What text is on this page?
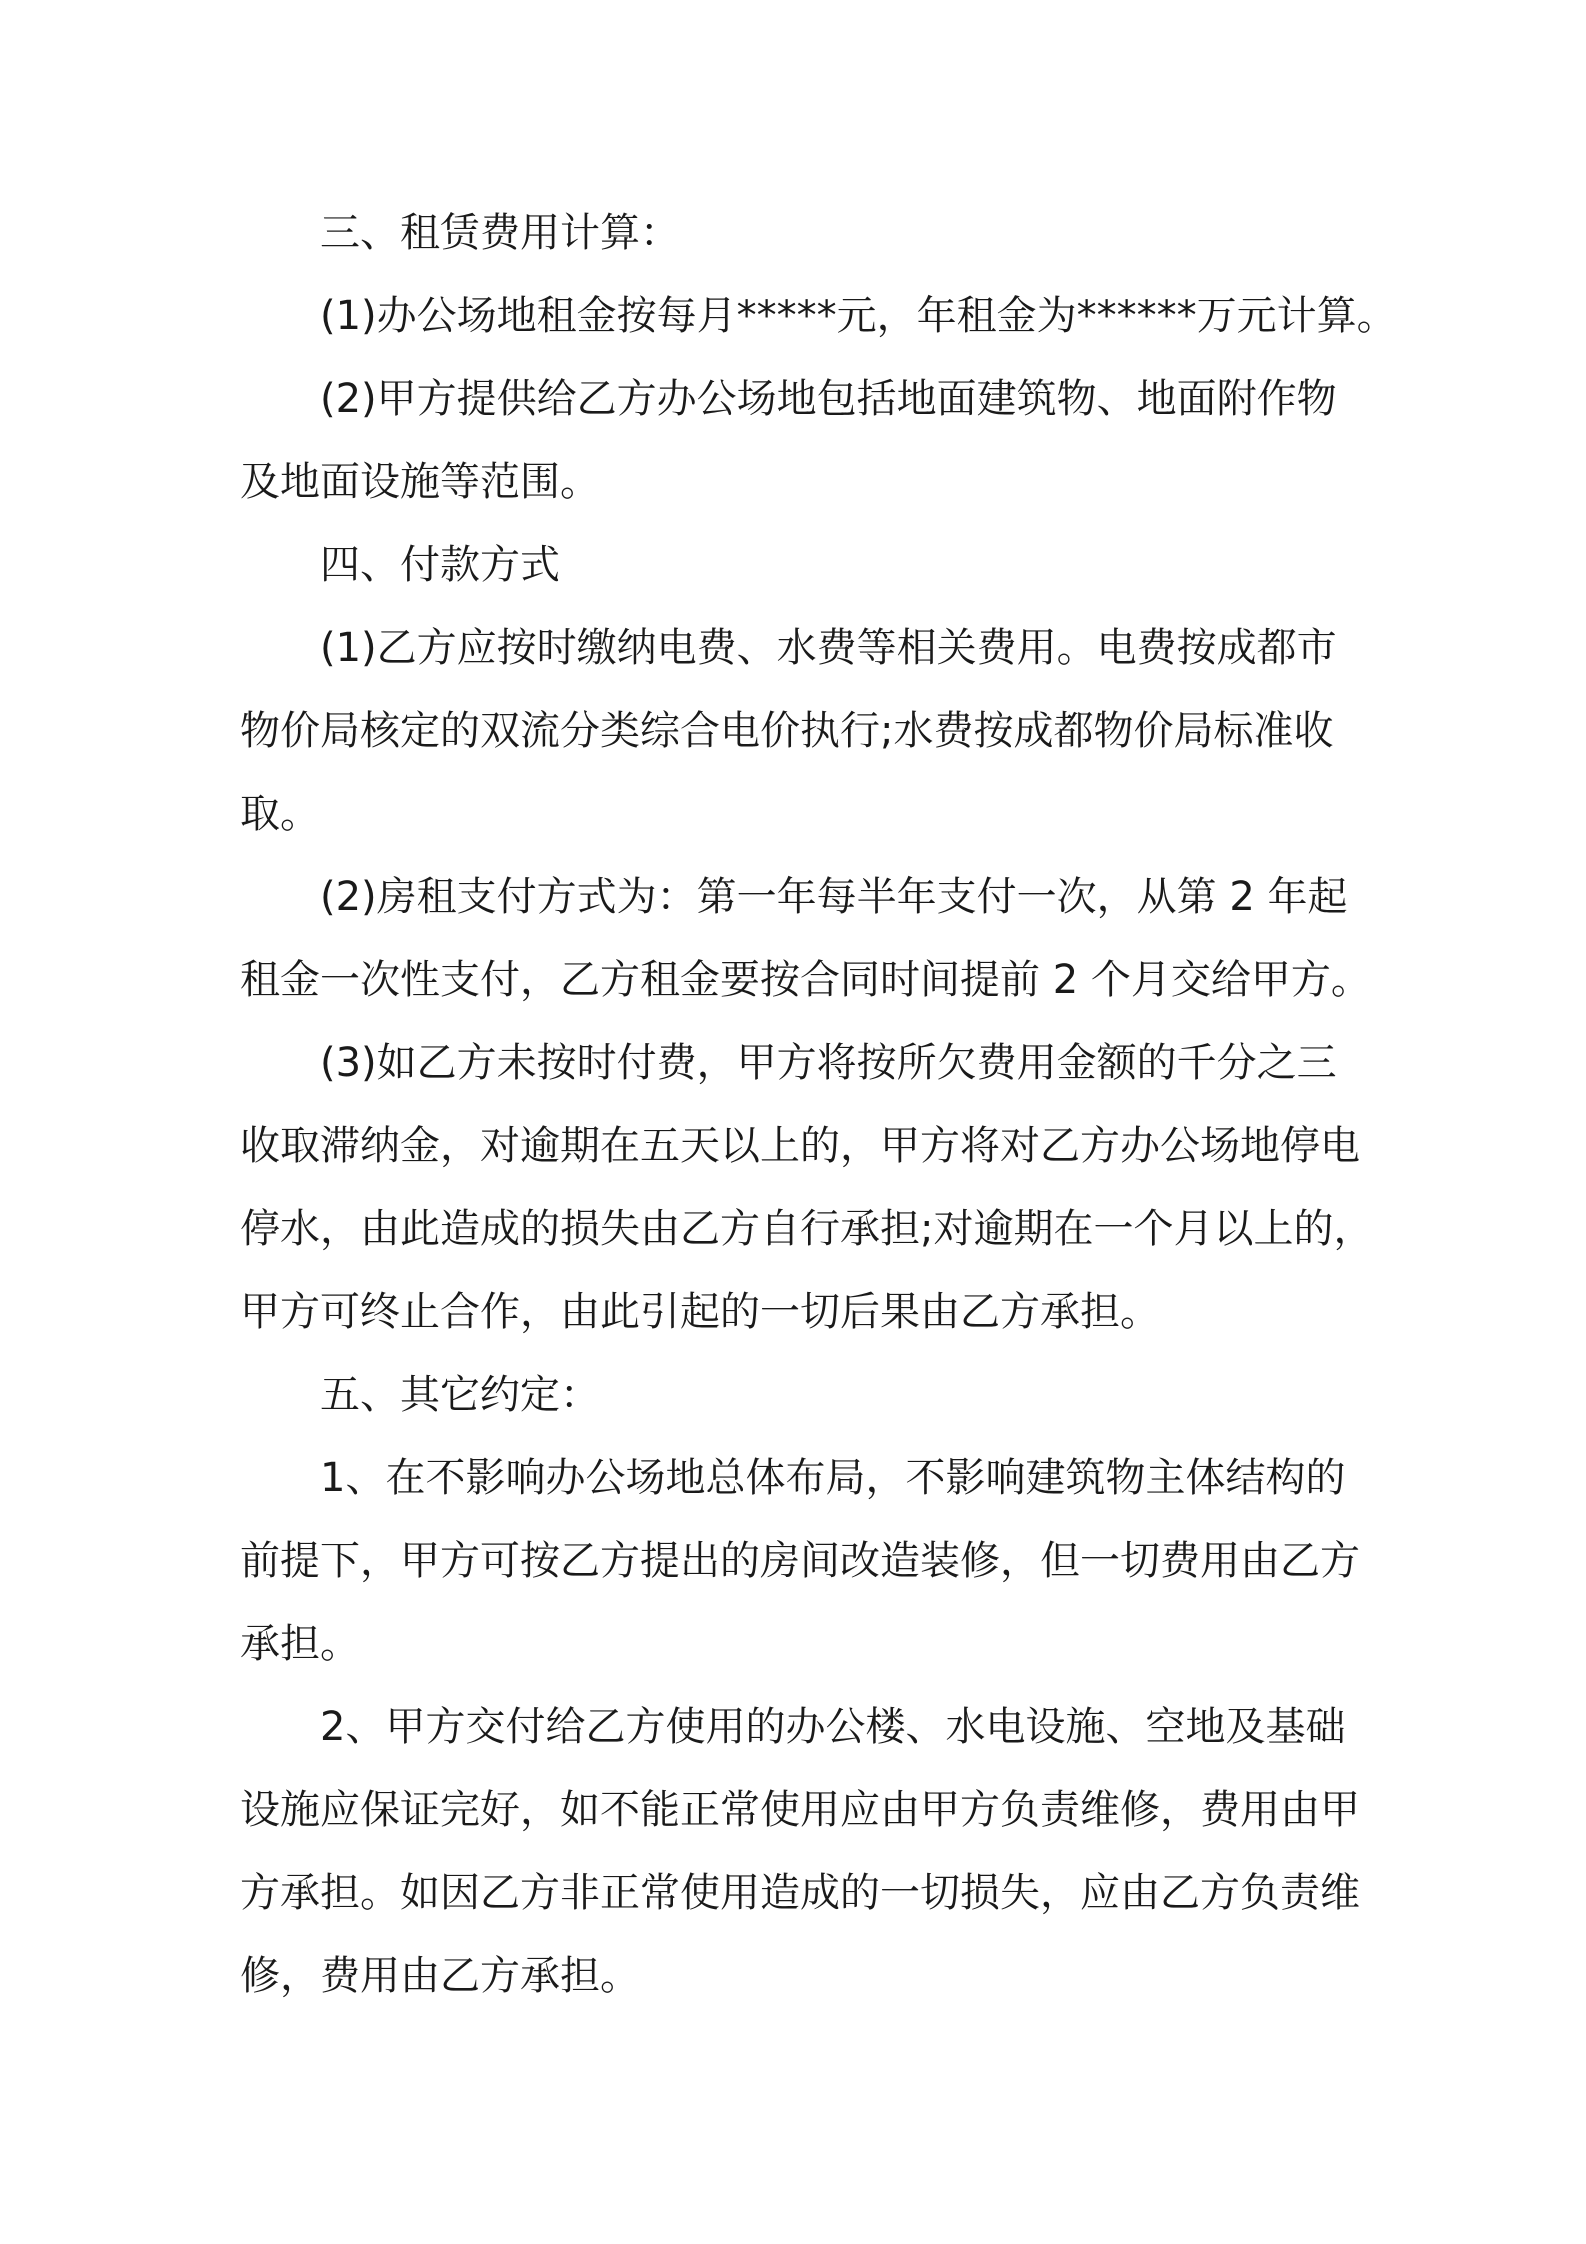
三、租赁费用计算：
(1)办公场地租金按每月*****元，年租金为******万元计算。
(2)甲方提供给乙方办公场地包括地面建筑物、地面附作物
及地面设施等范围。
四、付款方式
(1)乙方应按时缴纳电费、水费等相关费用。电费按成都市
物价局核定的双流分类综合电价执行;水费按成都物价局标准收
取。
(2)房租支付方式为：第一年每半年支付一次，从第 2 年起
租金一次性支付，乙方租金要按合同时间提前 2 个月交给甲方。
(3)如乙方未按时付费，甲方将按所欠费用金额的千分之三
收取滞纳金，对逾期在五天以上的，甲方将对乙方办公场地停电
停水，由此造成的损失由乙方自行承担;对逾期在一个月以上的，
甲方可终止合作，由此引起的一切后果由乙方承担。
五、其它约定：
1、在不影响办公场地总体布局，不影响建筑物主体结构的
前提下，甲方可按乙方提出的房间改造装修，但一切费用由乙方
承担。
2、甲方交付给乙方使用的办公楼、水电设施、空地及基础
设施应保证完好，如不能正常使用应由甲方负责维修，费用由甲
方承担。如因乙方非正常使用造成的一切损失，应由乙方负责维
修，费用由乙方承担。
